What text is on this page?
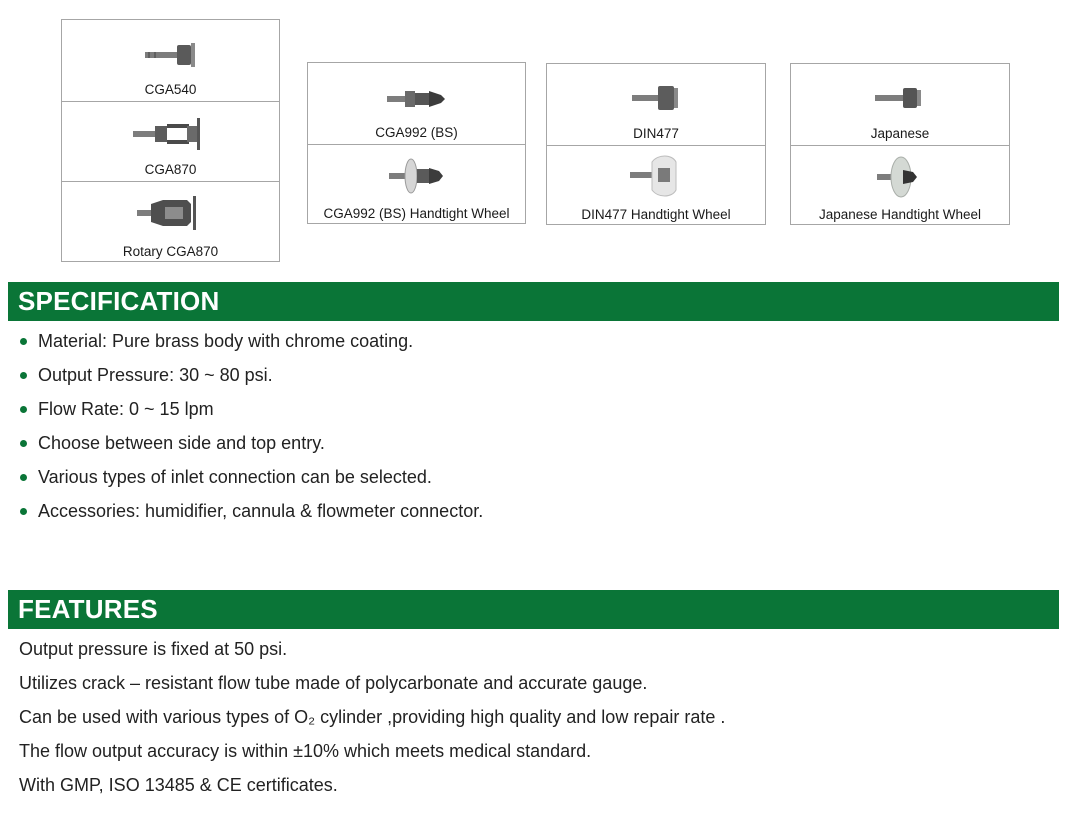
CGA540
CGA870
Rotary CGA870
CGA992 (BS)
CGA992 (BS) Handtight Wheel
DIN477
DIN477 Handtight Wheel
Japanese
Japanese Handtight Wheel
SPECIFICATION
Material: Pure brass body with chrome coating.
Output Pressure: 30 ~ 80 psi.
Flow Rate: 0 ~ 15 lpm
Choose between side and top entry.
Various types of inlet connection can be selected.
Accessories: humidifier, cannula & flowmeter connector.
FEATURES
Output pressure is fixed at 50 psi.
Utilizes crack – resistant flow tube made of polycarbonate and accurate gauge.
Can be used with various types of O₂ cylinder ,providing high quality and low repair rate .
The flow output accuracy is within ±10% which meets medical standard.
With GMP, ISO 13485 & CE certificates.
